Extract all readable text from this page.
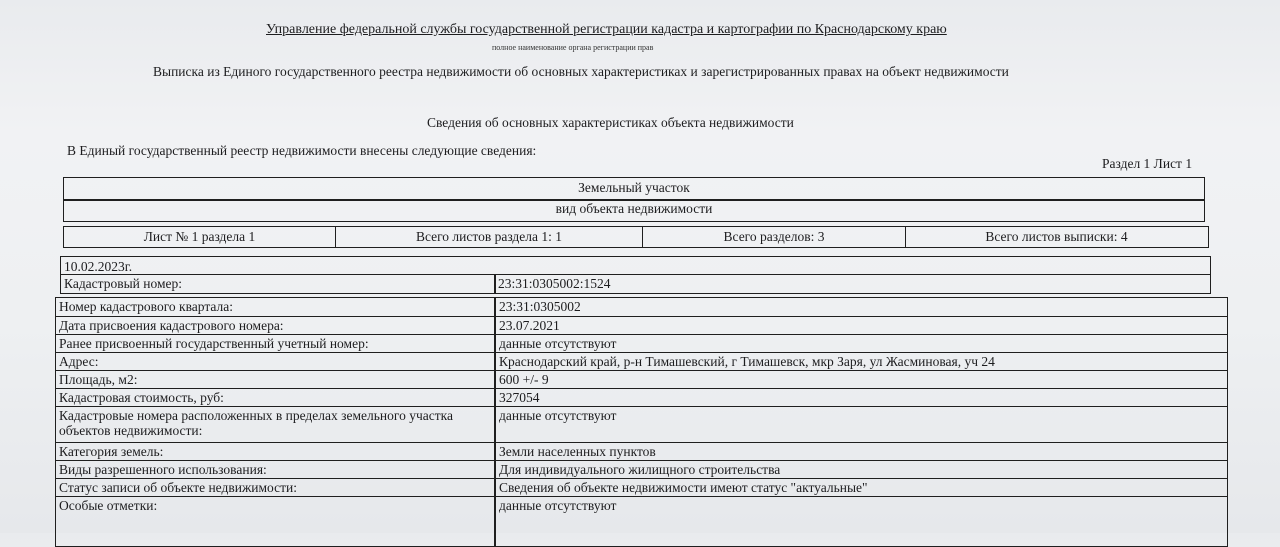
Управление федеральной службы государственной регистрации кадастра и картографии по Краснодарскому краю
полное наименование органа регистрации прав
Выписка из Единого государственного реестра недвижимости об основных характеристиках и зарегистрированных правах на объект недвижимости
Сведения об основных характеристиках объекта недвижимости
В Единый государственный реестр недвижимости внесены следующие сведения:
Раздел 1 Лист 1
Земельный участок
вид объекта недвижимости
Лист № 1 раздела 1	Всего листов раздела 1: 1	Всего разделов: 3	Всего листов выписки: 4
10.02.2023г.
Кадастровый номер:	23:31:0305002:1524
Номер кадастрового квартала:	23:31:0305002
Дата присвоения кадастрового номера:	23.07.2021
Ранее присвоенный государственный учетный номер:	данные отсутствуют
Адрес:	Краснодарский край, р-н Тимашевский, г Тимашевск, мкр Заря, ул Жасминовая, уч 24
Площадь, м2:	600 +/- 9
Кадастровая стоимость, руб:	327054
Кадастровые номера расположенных в пределах земельного участка объектов недвижимости:
данные отсутствуют
Категория земель:	Земли населенных пунктов
Виды разрешенного использования:	Для индивидуального жилищного строительства
Статус записи об объекте недвижимости:	Сведения об объекте недвижимости имеют статус "актуальные"
Особые отметки:	данные отсутствуют
